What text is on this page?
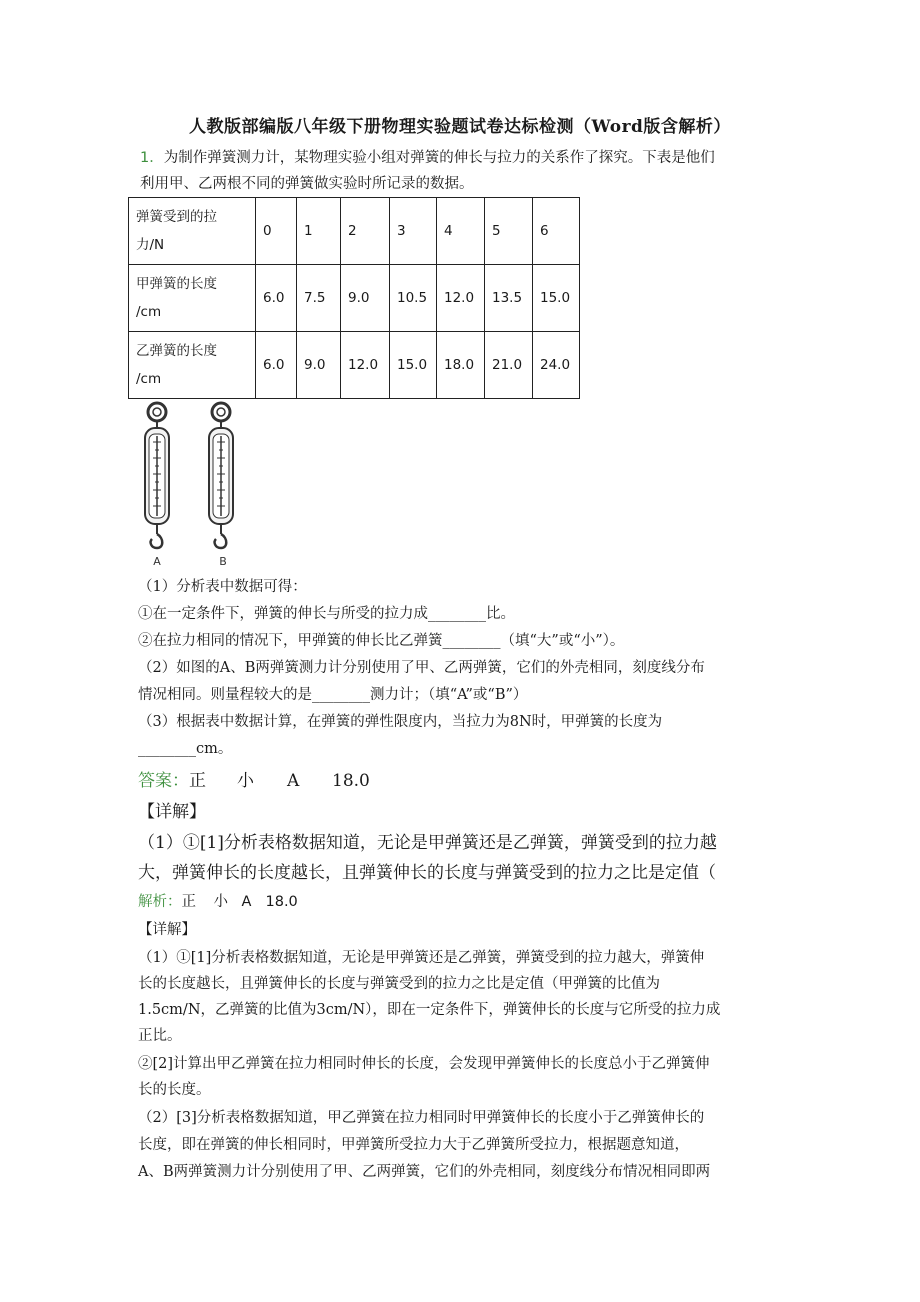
人教版部编版八年级下册物理实验题试卷达标检测（Word版含解析）
1．为制作弹簧测力计，某物理实验小组对弹簧的伸长与拉力的关系作了探究。下表是他们
利用甲、乙两根不同的弹簧做实验时所记录的数据。
弹簧受到的拉
力/N	0	1	2	3	4	5	6
甲弹簧的长度
/cm	6.0	7.5	9.0	10.5	12.0	13.5	15.0
乙弹簧的长度
/cm	6.0	9.0	12.0	15.0	18.0	21.0	24.0
A	B
（1）分析表中数据可得：
①在一定条件下，弹簧的伸长与所受的拉力成________比。
②在拉力相同的情况下，甲弹簧的伸长比乙弹簧________（填“大”或“小”）。
（2）如图的A、B两弹簧测力计分别使用了甲、乙两弹簧，它们的外壳相同，刻度线分布
情况相同。则量程较大的是________测力计；（填“A”或“B”）
（3）根据表中数据计算，在弹簧的弹性限度内，当拉力为8N时，甲弹簧的长度为
________cm。
答案：正 小 A 18.0
【详解】
（1）①[1]分析表格数据知道，无论是甲弹簧还是乙弹簧，弹簧受到的拉力越
大，弹簧伸长的长度越长，且弹簧伸长的长度与弹簧受到的拉力之比是定值（
解析：正 小 A 18.0
【详解】
（1）①[1]分析表格数据知道，无论是甲弹簧还是乙弹簧，弹簧受到的拉力越大，弹簧伸
长的长度越长，且弹簧伸长的长度与弹簧受到的拉力之比是定值（甲弹簧的比值为
1.5cm/N，乙弹簧的比值为3cm/N），即在一定条件下，弹簧伸长的长度与它所受的拉力成
正比。
②[2]计算出甲乙弹簧在拉力相同时伸长的长度，会发现甲弹簧伸长的长度总小于乙弹簧伸
长的长度。
（2）[3]分析表格数据知道，甲乙弹簧在拉力相同时甲弹簧伸长的长度小于乙弹簧伸长的
长度，即在弹簧的伸长相同时，甲弹簧所受拉力大于乙弹簧所受拉力，根据题意知道，
A、B两弹簧测力计分别使用了甲、乙两弹簧，它们的外壳相同，刻度线分布情况相同即两
